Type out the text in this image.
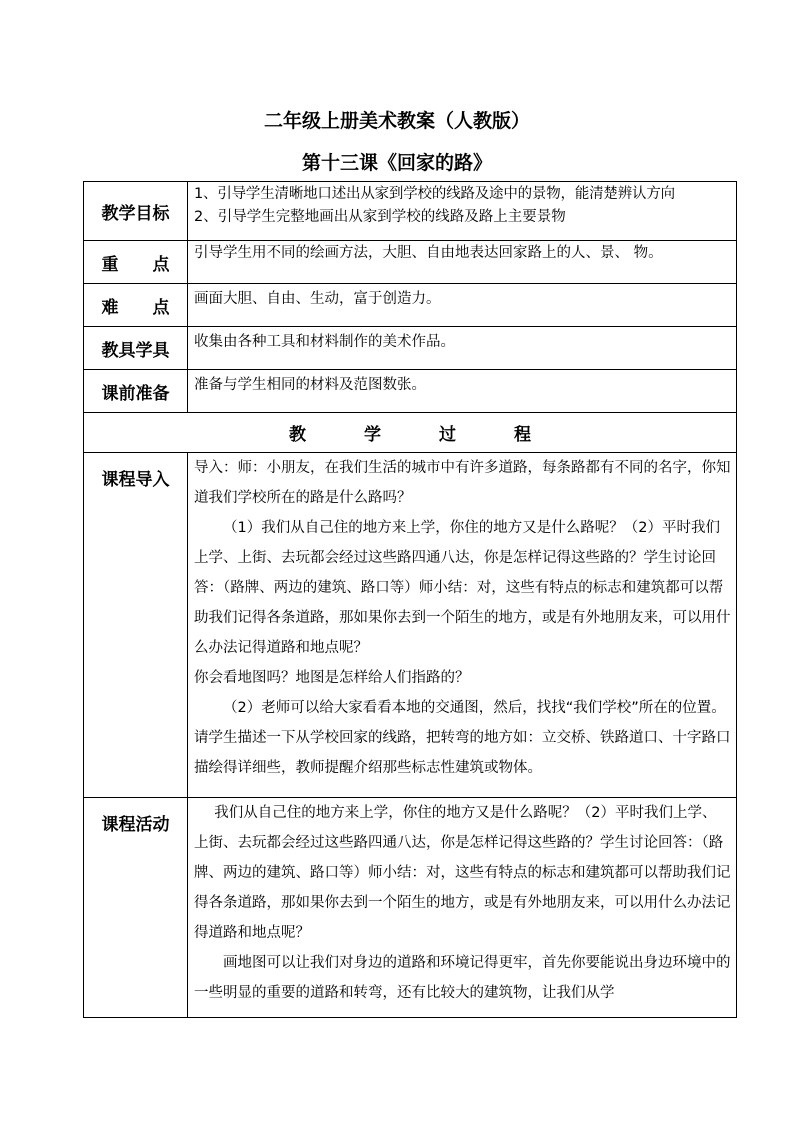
二年级上册美术教案（人教版）
第十三课《回家的路》
教学目标	1、引导学生清晰地口述出从家到学校的线路及途中的景物，能清楚辨认方向

2、引导学生完整地画出从家到学校的线路及路上主要景物

重　　点	引导学生用不同的绘画方法，大胆、自由地表达回家路上的人、景、 物。
难　　点	画面大胆、自由、生动，富于创造力。
教具学具	收集由各种工具和材料制作的美术作品。
课前准备	准备与学生相同的材料及范图数张。
教学过程	
课程导入	导入：师：小朋友，在我们生活的城市中有许多道路，每条路都有不同的名字，你知道我们学校所在的路是什么路吗？

（1）我们从自己住的地方来上学，你住的地方又是什么路呢？（2）平时我们上学、上街、去玩都会经过这些路四通八达，你是怎样记得这些路的？学生讨论回答：（路牌、两边的建筑、路口等）师小结：对，这些有特点的标志和建筑都可以帮助我们记得各条道路，那如果你去到一个陌生的地方，或是有外地朋友来，可以用什么办法记得道路和地点呢？

你会看地图吗？地图是怎样给人们指路的？

（2）老师可以给大家看看本地的交通图，然后，找找“我们学校”所在的位置。请学生描述一下从学校回家的线路，把转弯的地方如：立交桥、铁路道口、十字路口描绘得详细些，教师提醒介绍那些标志性建筑或物体。

课程活动	我们从自己住的地方来上学，你住的地方又是什么路呢？（2）平时我们上学、上街、去玩都会经过这些路四通八达，你是怎样记得这些路的？学生讨论回答：（路牌、两边的建筑、路口等）师小结：对，这些有特点的标志和建筑都可以帮助我们记得各条道路，那如果你去到一个陌生的地方，或是有外地朋友来，可以用什么办法记得道路和地点呢？

画地图可以让我们对身边的道路和环境记得更牢，首先你要能说出身边环境中的一些明显的重要的道路和转弯，还有比较大的建筑物，让我们从学
